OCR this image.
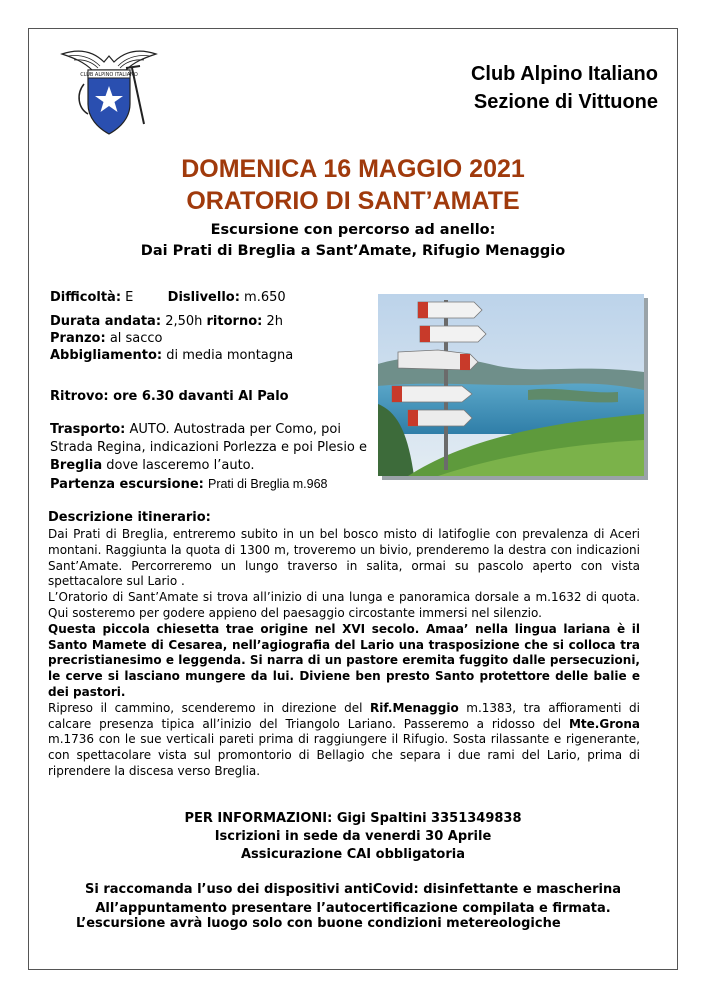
CLUB ALPINO ITALIANO	Club Alpino Italiano
Sezione di Vittuone
DOMENICA 16 MAGGIO 2021
ORATORIO DI SANT’AMATE
Escursione con percorso ad anello:
Dai Prati di Breglia a Sant’Amate, Rifugio Menaggio
Difficoltà: E	Dislivello: m.650
Durata andata: 2,50h ritorno: 2h
Pranzo: al sacco
Abbigliamento: di media montagna
Ritrovo: ore 6.30 davanti Al Palo
Trasporto: AUTO. Autostrada per Como, poi Strada Regina, indicazioni Porlezza e poi Plesio e Breglia dove lasceremo l’auto.
Partenza escursione: Prati di Breglia m.968
Descrizione itinerario:

Dai Prati di Breglia, entreremo subito in un bel bosco misto di latifoglie con prevalenza di Aceri montani. Raggiunta la quota di 1300 m, troveremo un bivio, prenderemo la destra con indicazioni Sant’Amate. Percorreremo un lungo traverso in salita, ormai su pascolo aperto con vista spettacalore sul Lario .

L’Oratorio di Sant’Amate si trova all’inizio di una lunga e panoramica dorsale a m.1632 di quota. Qui sosteremo per godere appieno del paesaggio circostante immersi nel silenzio.

Questa piccola chiesetta trae origine nel XVI secolo. Amaa’ nella lingua lariana è il Santo Mamete di Cesarea, nell’agiografia del Lario una trasposizione che si colloca tra precristianesimo e leggenda. Si narra di un pastore eremita fuggito dalle persecuzioni, le cerve si lasciano mungere da lui. Diviene ben presto Santo protettore delle balie e dei pastori.

Ripreso il cammino, scenderemo in direzione del Rif.Menaggio m.1383, tra affioramenti di calcare presenza tipica all’inizio del Triangolo Lariano. Passeremo a ridosso del Mte.Grona m.1736 con le sue verticali pareti prima di raggiungere il Rifugio. Sosta rilassante e rigenerante, con spettacolare vista sul promontorio di Bellagio che separa i due rami del Lario, prima di riprendere la discesa verso Breglia.

PER INFORMAZIONI: Gigi Spaltini 3351349838
Iscrizioni in sede da venerdi 30 Aprile
Assicurazione CAI obbligatoria
Si raccomanda l’uso dei dispositivi antiCovid: disinfettante e mascherina
All’appuntamento presentare l’autocertificazione compilata e firmata.
L’escursione avrà luogo solo con buone condizioni metereologiche
